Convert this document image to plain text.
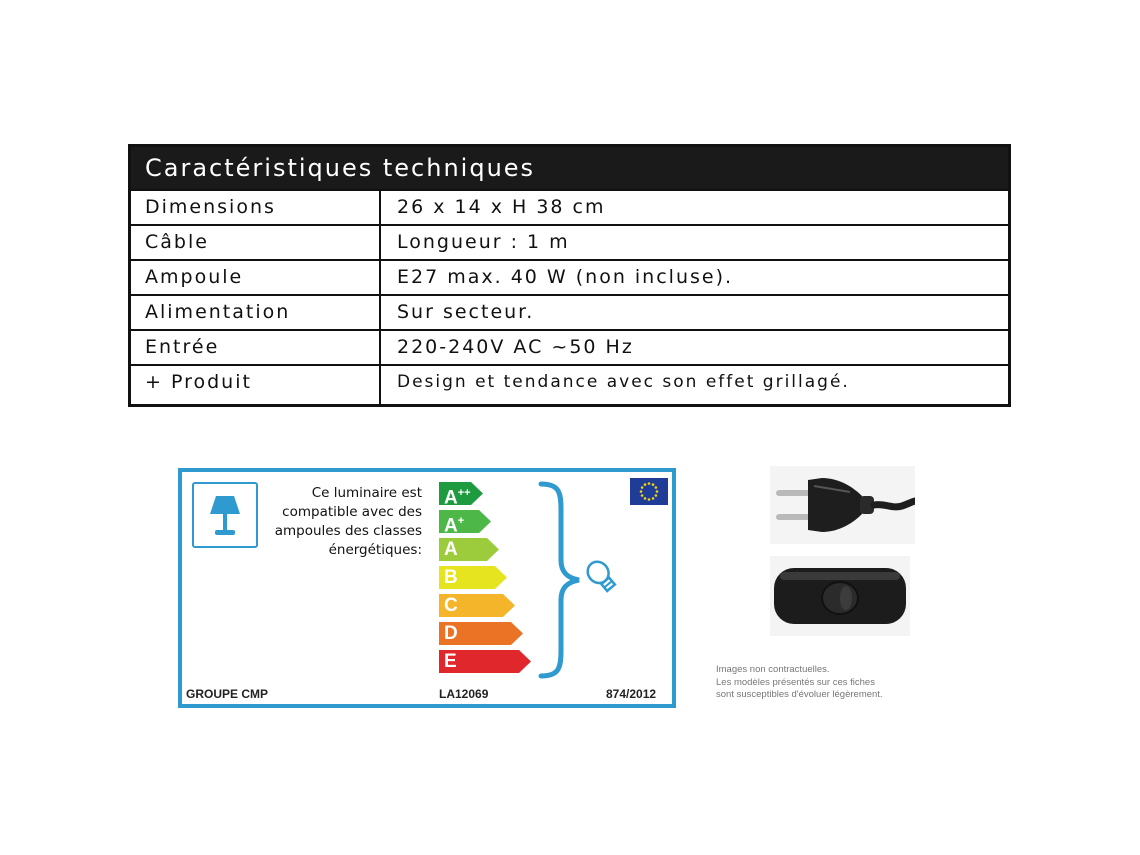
Caractéristiques techniques
Dimensions	26 x 14 x H 38 cm
Câble	Longueur : 1 m
Ampoule	E27 max. 40 W (non incluse).
Alimentation	Sur secteur.
Entrée	220-240V AC ~50 Hz
+ Produit	Design et tendance avec son effet grillagé.
Ce luminaire est
compatible avec des
ampoules des classes
énergétiques:
A++
A+
A
B
C
D
E
GROUPE CMP	LA12069	874/2012
Images non contractuelles.
Les modèles présentés sur ces fiches
sont susceptibles d'évoluer légèrement.
